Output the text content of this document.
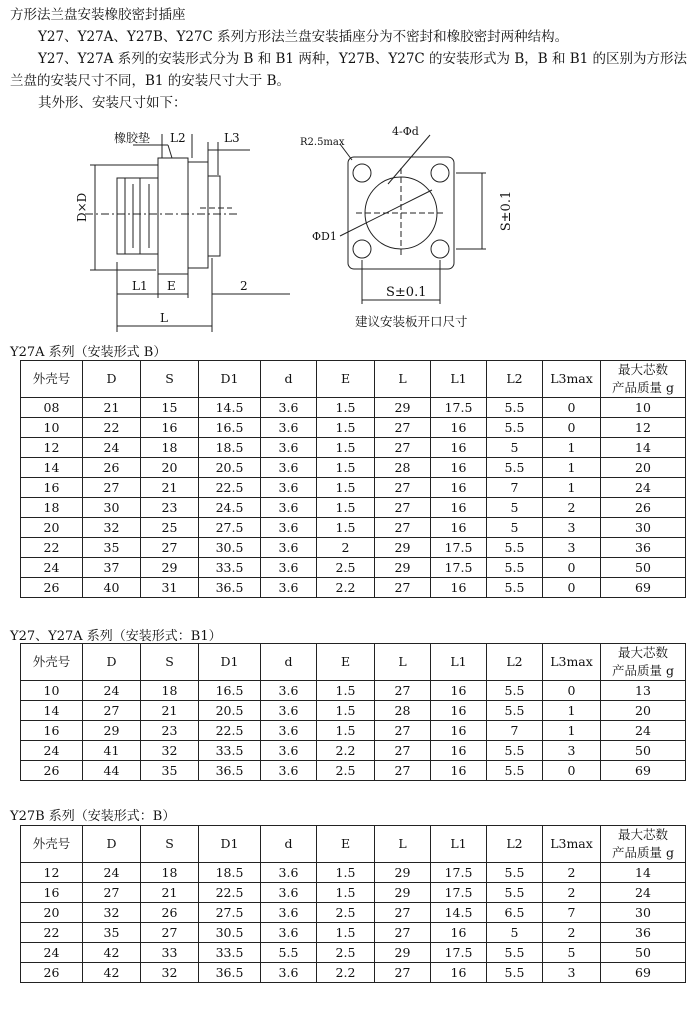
方形法兰盘安装橡胶密封插座
Y27、Y27A、Y27B、Y27C 系列方形法兰盘安装插座分为不密封和橡胶密封两种结构。
Y27、Y27A 系列的安装形式分为 B 和 B1 两种，Y27B、Y27C 的安装形式为 B，B 和 B1 的区别为方形法兰盘的安装尺寸不同，B1 的安装尺寸大于 B。
其外形、安装尺寸如下：
橡胶垫 L2	L3
D×D
L1 E	2
L
R2.5max
4-Φd
ΦD1
S±0.1
S±0.1
建议安装板开口尺寸
Y27A 系列（安装形式 B）
外壳号	D	S	D1	d	E	L	L1	L2	L3max	最大芯数
产品质量 g

08	21	15	14.5	3.6	1.5	29	17.5	5.5	0	10
10	22	16	16.5	3.6	1.5	27	16	5.5	0	12
12	24	18	18.5	3.6	1.5	27	16	5	1	14
14	26	20	20.5	3.6	1.5	28	16	5.5	1	20
16	27	21	22.5	3.6	1.5	27	16	7	1	24
18	30	23	24.5	3.6	1.5	27	16	5	2	26
20	32	25	27.5	3.6	1.5	27	16	5	3	30
22	35	27	30.5	3.6	2	29	17.5	5.5	3	36
24	37	29	33.5	3.6	2.5	29	17.5	5.5	0	50
26	40	31	36.5	3.6	2.2	27	16	5.5	0	69
Y27、Y27A 系列（安装形式：B1）
外壳号	D	S	D1	d	E	L	L1	L2	L3max	最大芯数
产品质量 g

10	24	18	16.5	3.6	1.5	27	16	5.5	0	13
14	27	21	20.5	3.6	1.5	28	16	5.5	1	20
16	29	23	22.5	3.6	1.5	27	16	7	1	24
24	41	32	33.5	3.6	2.2	27	16	5.5	3	50
26	44	35	36.5	3.6	2.5	27	16	5.5	0	69
Y27B 系列（安装形式：B）
外壳号	D	S	D1	d	E	L	L1	L2	L3max	最大芯数
产品质量 g

12	24	18	18.5	3.6	1.5	29	17.5	5.5	2	14
16	27	21	22.5	3.6	1.5	29	17.5	5.5	2	24
20	32	26	27.5	3.6	2.5	27	14.5	6.5	7	30
22	35	27	30.5	3.6	1.5	27	16	5	2	36
24	42	33	33.5	5.5	2.5	29	17.5	5.5	5	50
26	42	32	36.5	3.6	2.2	27	16	5.5	3	69
